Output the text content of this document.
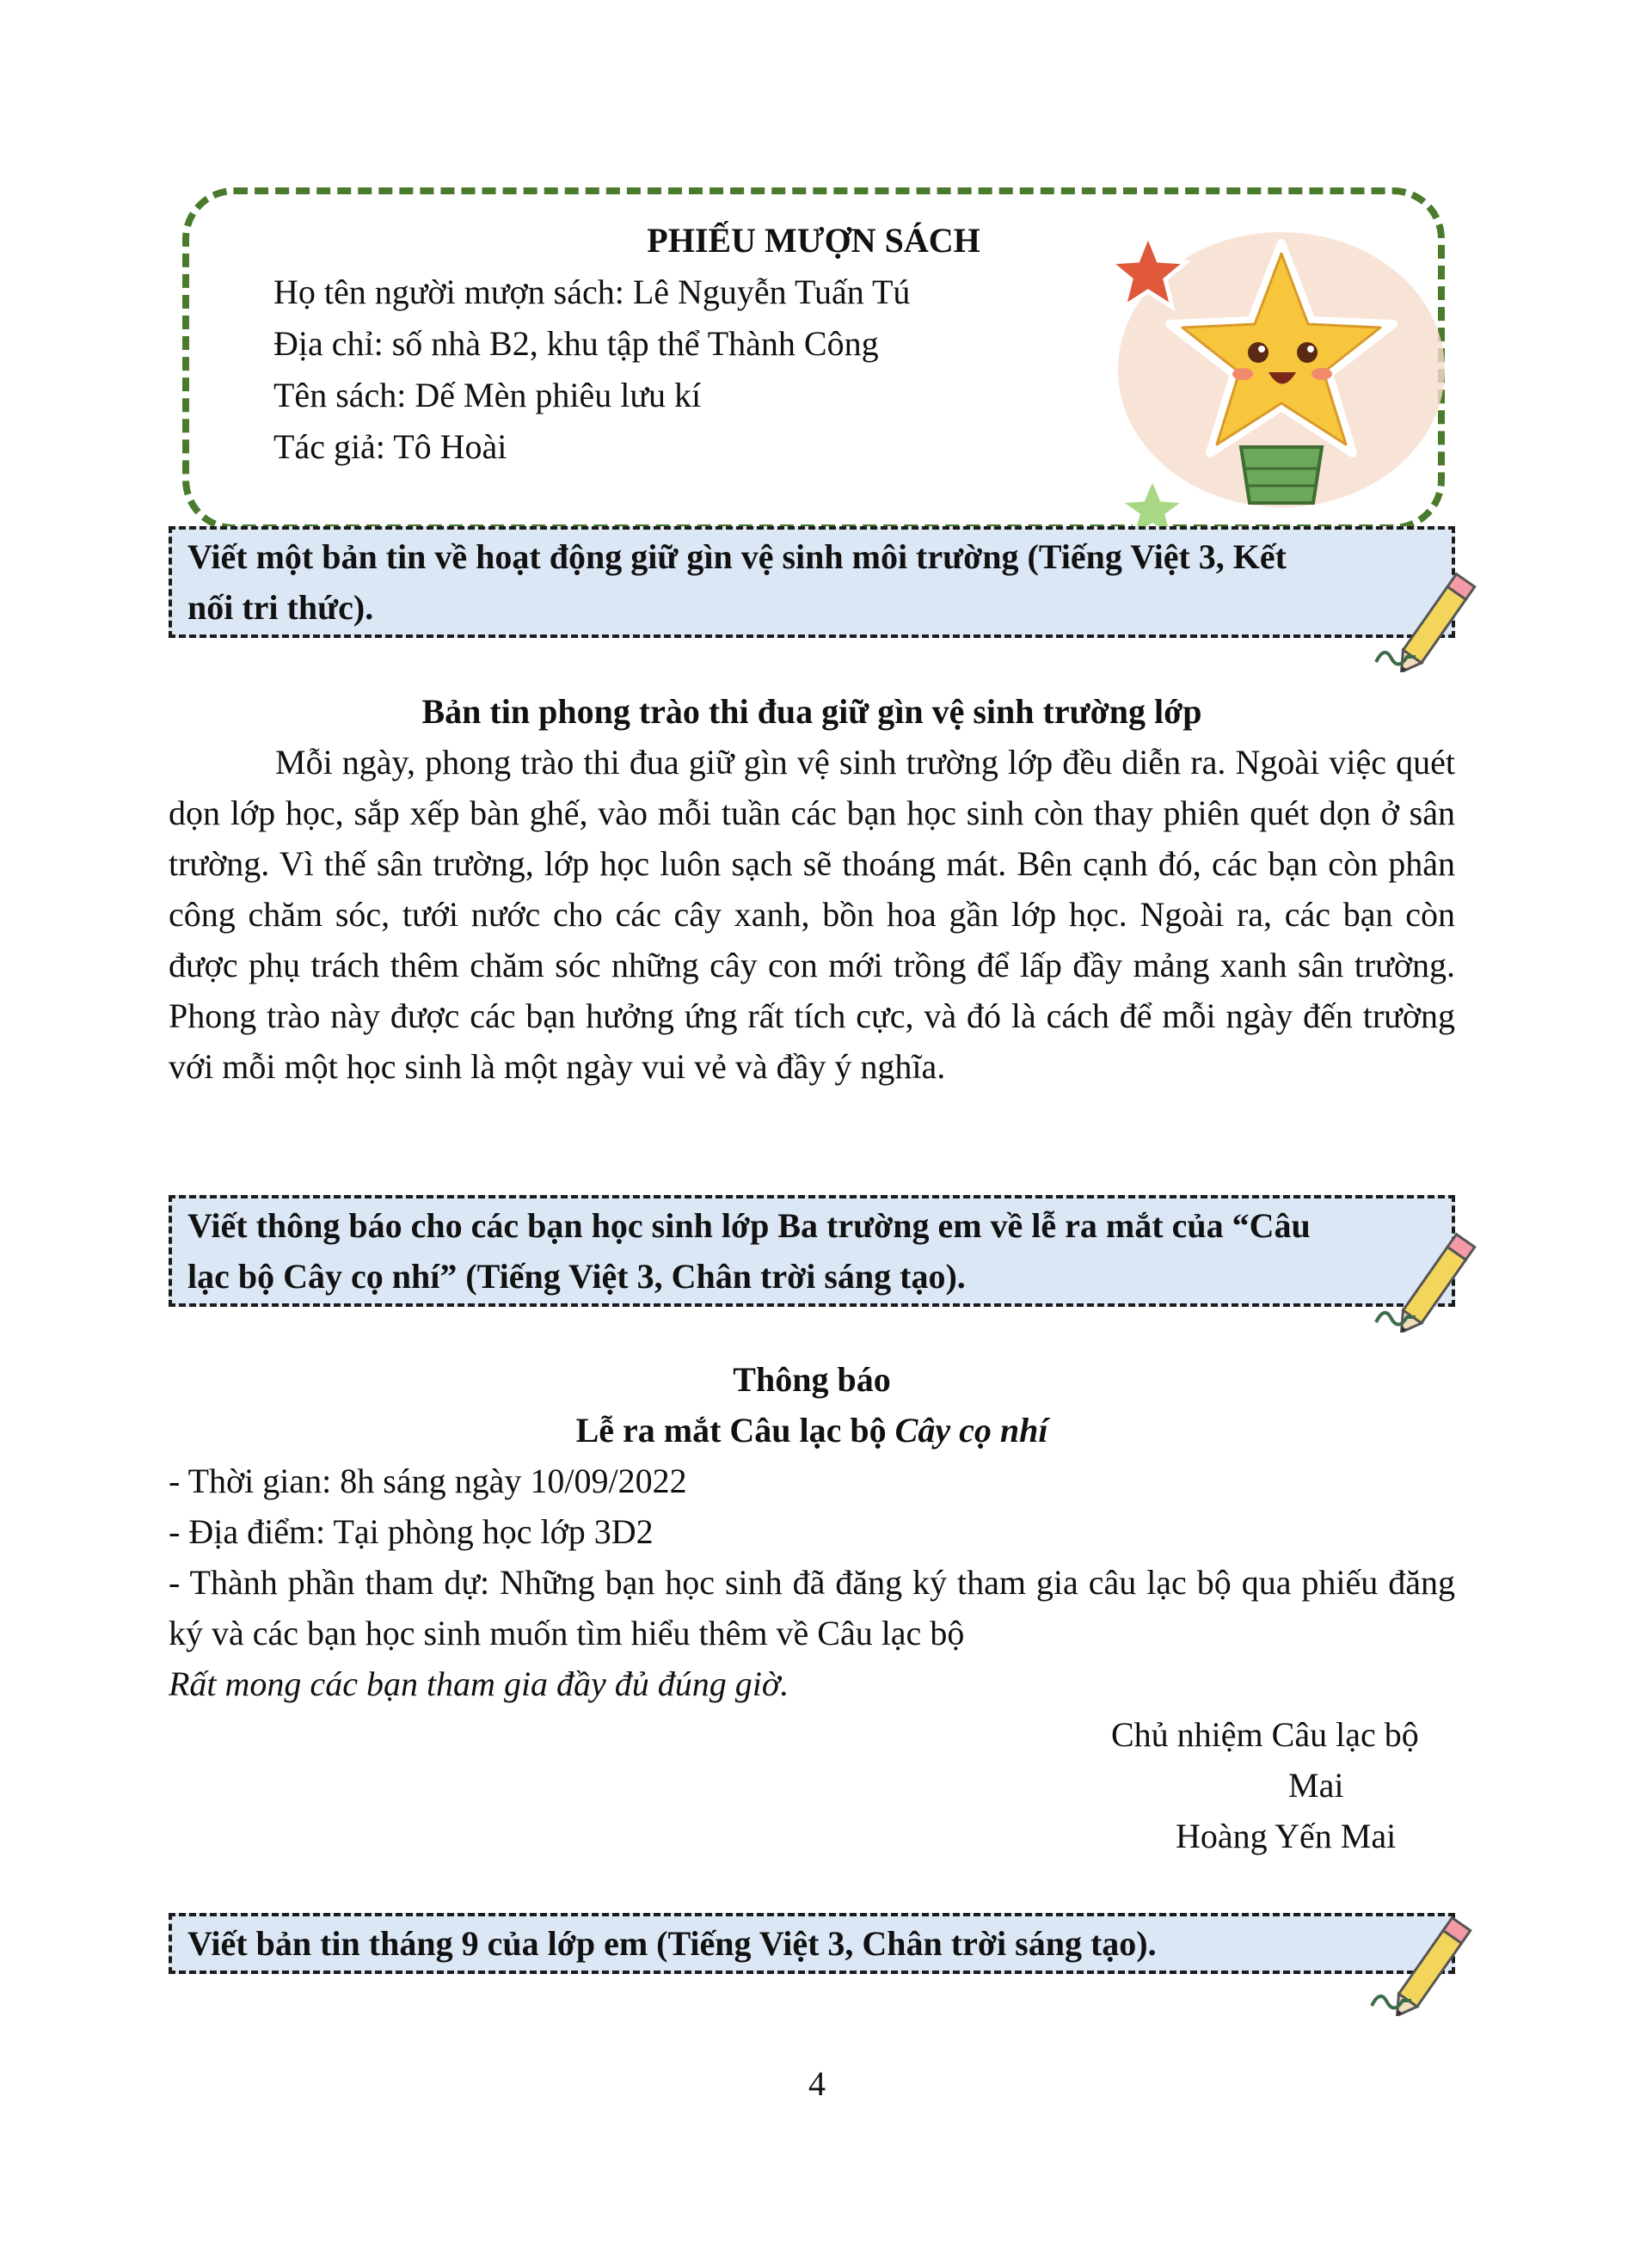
PHIẾU MƯỢN SÁCH
Họ tên người mượn sách: Lê Nguyễn Tuấn Tú
Địa chỉ: số nhà B2, khu tập thể Thành Công
Tên sách: Dế Mèn phiêu lưu kí
Tác giả: Tô Hoài
Viết một bản tin về hoạt động giữ gìn vệ sinh môi trường (Tiếng Việt 3, Kết
nối tri thức).
Bản tin phong trào thi đua giữ gìn vệ sinh trường lớp
Mỗi ngày, phong trào thi đua giữ gìn vệ sinh trường lớp đều diễn ra. Ngoài việc quét dọn lớp học, sắp xếp bàn ghế, vào mỗi tuần các bạn học sinh còn thay phiên quét dọn ở sân trường. Vì thế sân trường, lớp học luôn sạch sẽ thoáng mát. Bên cạnh đó, các bạn còn phân công chăm sóc, tưới nước cho các cây xanh, bồn hoa gần lớp học. Ngoài ra, các bạn còn được phụ trách thêm chăm sóc những cây con mới trồng để lấp đầy mảng xanh sân trường. Phong trào này được các bạn hưởng ứng rất tích cực, và đó là cách để mỗi ngày đến trường với mỗi một học sinh là một ngày vui vẻ và đầy ý nghĩa.
Viết thông báo cho các bạn học sinh lớp Ba trường em về lễ ra mắt của “Câu
lạc bộ Cây cọ nhí” (Tiếng Việt 3, Chân trời sáng tạo).
Thông báo
Lễ ra mắt Câu lạc bộ Cây cọ nhí
- Thời gian: 8h sáng ngày 10/09/2022
- Địa điểm: Tại phòng học lớp 3D2
- Thành phần tham dự: Những bạn học sinh đã đăng ký tham gia câu lạc bộ qua phiếu đăng ký và các bạn học sinh muốn tìm hiểu thêm về Câu lạc bộ
Rất mong các bạn tham gia đầy đủ đúng giờ.
Chủ nhiệm Câu lạc bộ
Mai
Hoàng Yến Mai
Viết bản tin tháng 9 của lớp em (Tiếng Việt 3, Chân trời sáng tạo).
4
